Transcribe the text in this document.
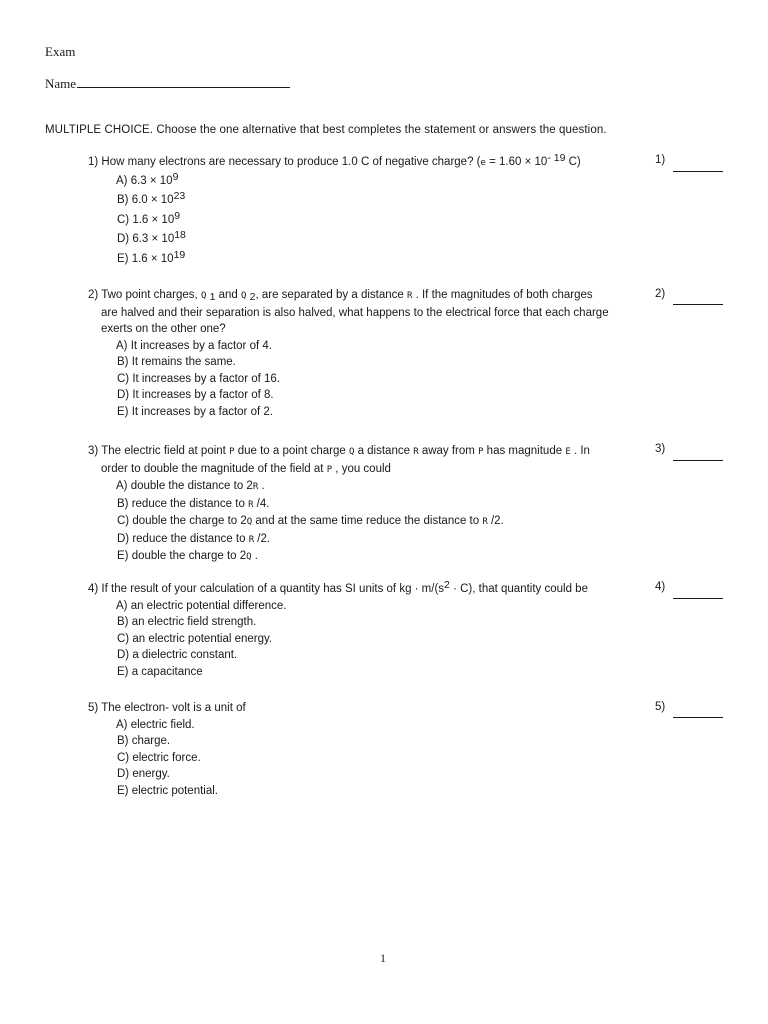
Exam
Name
MULTIPLE CHOICE. Choose the one alternative that best completes the statement or answers the question.
1) How many electrons are necessary to produce 1.0 C of negative charge? ($e = 1.60 \times 10^{- 19}$ C)
A) $6.3 \times 10^9$
B) $6.0 \times 10^{23}$
C) $1.6 \times 10^9$
D) $6.3 \times 10^{18}$
E) $1.6 \times 10^{19}$
1)
2) Two point charges, Q $_1$ and Q $_2$, are separated by a distance R . If the magnitudes of both charges
are halved and their separation is also halved, what happens to the electrical force that each charge
exerts on the other one?
A) It increases by a factor of 4.
B) It remains the same.
C) It increases by a factor of 16.
D) It increases by a factor of 8.
E) It increases by a factor of 2.
2)
3) The electric field at point P due to a point charge Q a distance R away from P has magnitude E . In
order to double the magnitude of the field at P , you could
A) double the distance to 2R .
B) reduce the distance to R /4.
C) double the charge to 2Q and at the same time reduce the distance to R /2.
D) reduce the distance to R /2.
E) double the charge to 2Q .
3)
4) If the result of your calculation of a quantity has SI units of kg · $m/(s^2 \cdot C)$, that quantity could be
A) an electric potential difference.
B) an electric field strength.
C) an electric potential energy.
D) a dielectric constant.
E) a capacitance
4)
5) The electron- volt is a unit of
A) electric field.
B) charge.
C) electric force.
D) energy.
E) electric potential.
5)
1
